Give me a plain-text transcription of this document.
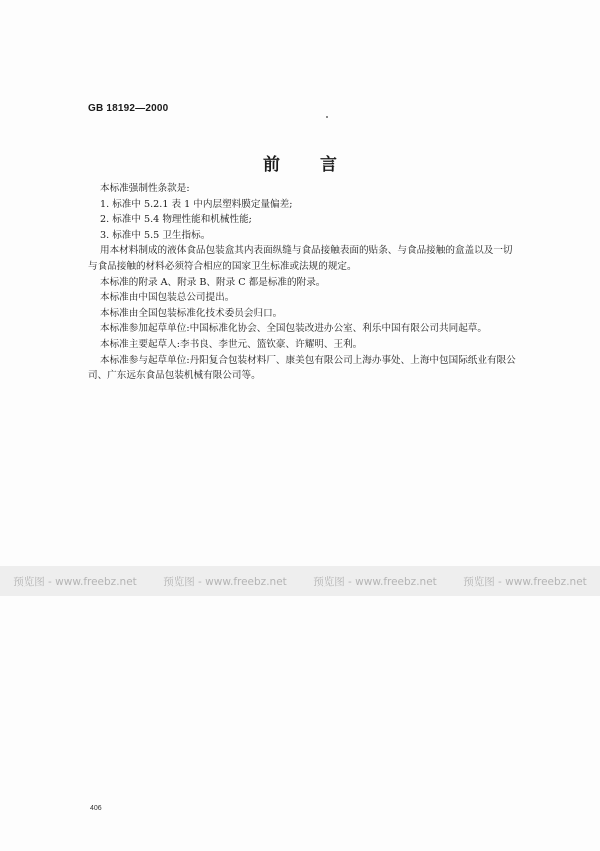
GB 18192—2000
前言

本标准强制性条款是:

1. 标准中 5.2.1 表 1 中内层塑料膜定量偏差;

2. 标准中 5.4 物理性能和机械性能;

3. 标准中 5.5 卫生指标。

用本材料制成的液体食品包装盒其内表面纵缝与食品接触表面的贴条、与食品接触的盒盖以及一切与食品接触的材料必须符合相应的国家卫生标准或法规的规定。

本标准的附录 A、附录 B、附录 C 都是标准的附录。

本标准由中国包装总公司提出。

本标准由全国包装标准化技术委员会归口。

本标准参加起草单位:中国标准化协会、全国包装改进办公室、利乐中国有限公司共同起草。

本标准主要起草人:李书良、李世元、篮钦豪、许耀明、王利。

本标准参与起草单位:丹阳复合包装材料厂、康美包有限公司上海办事处、上海中包国际纸业有限公司、广东远东食品包装机械有限公司等。

预览图 - www.freebz.net	预览图 - www.freebz.net	预览图 - www.freebz.net	预览图 - www.freebz.net
406
